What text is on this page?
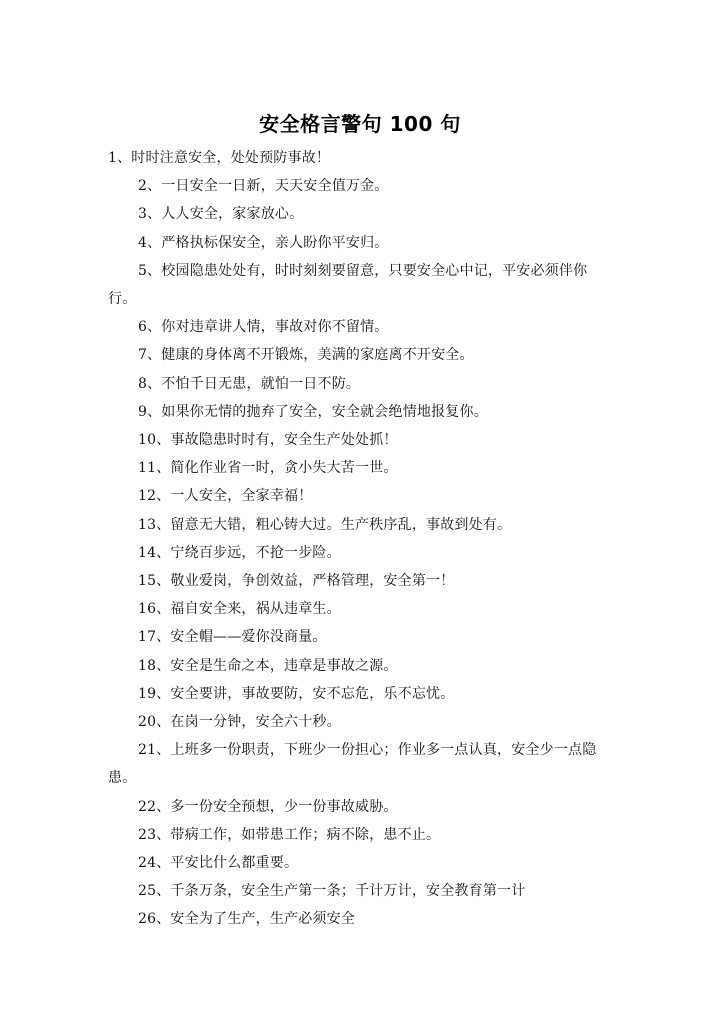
安全格言警句 100 句
1、时时注意安全，处处预防事故！
2、一日安全一日新，天天安全值万金。
3、人人安全，家家放心。
4、严格执标保安全，亲人盼你平安归。
5、校园隐患处处有，时时刻刻要留意，只要安全心中记，平安必须伴你行。
6、你对违章讲人情，事故对你不留情。
7、健康的身体离不开锻炼，美满的家庭离不开安全。
8、不怕千日无患，就怕一日不防。
9、如果你无情的抛弃了安全，安全就会绝情地报复你。
10、事故隐患时时有，安全生产处处抓！
11、简化作业省一时，贪小失大苦一世。
12、一人安全，全家幸福！
13、留意无大错，粗心铸大过。生产秩序乱，事故到处有。
14、宁绕百步远，不抢一步险。
15、敬业爱岗，争创效益，严格管理，安全第一！
16、福自安全来，祸从违章生。
17、安全帽——爱你没商量。
18、安全是生命之本，违章是事故之源。
19、安全要讲，事故要防，安不忘危，乐不忘忧。
20、在岗一分钟，安全六十秒。
21、上班多一份职责，下班少一份担心；作业多一点认真，安全少一点隐患。
22、多一份安全预想，少一份事故威胁。
23、带病工作，如带患工作；病不除，患不止。
24、平安比什么都重要。
25、千条万条，安全生产第一条；千计万计，安全教育第一计
26、安全为了生产，生产必须安全
